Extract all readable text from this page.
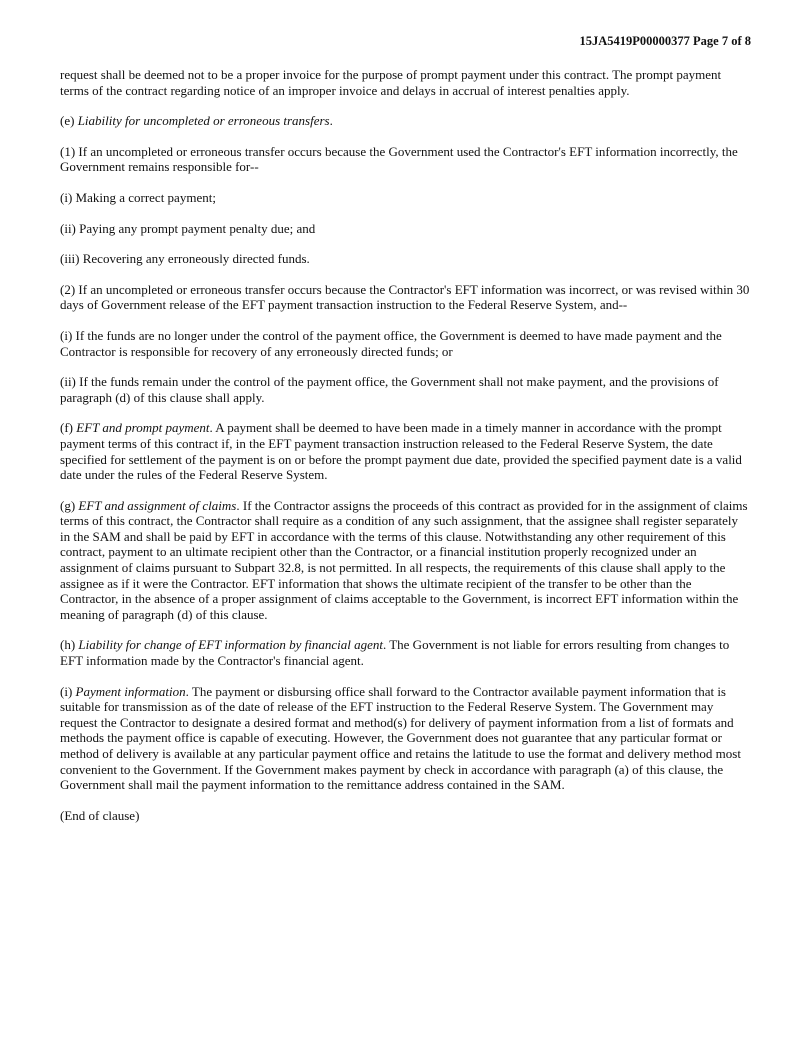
15JA5419P00000377 Page 7 of 8

request shall be deemed not to be a proper invoice for the purpose of prompt payment under this contract. The prompt payment terms of the contract regarding notice of an improper invoice and delays in accrual of interest penalties apply.

(e) Liability for uncompleted or erroneous transfers.

(1) If an uncompleted or erroneous transfer occurs because the Government used the Contractor's EFT information incorrectly, the Government remains responsible for--

(i) Making a correct payment;

(ii) Paying any prompt payment penalty due; and

(iii) Recovering any erroneously directed funds.

(2) If an uncompleted or erroneous transfer occurs because the Contractor's EFT information was incorrect, or was revised within 30 days of Government release of the EFT payment transaction instruction to the Federal Reserve System, and--

(i) If the funds are no longer under the control of the payment office, the Government is deemed to have made payment and the Contractor is responsible for recovery of any erroneously directed funds; or

(ii) If the funds remain under the control of the payment office, the Government shall not make payment, and the provisions of paragraph (d) of this clause shall apply.

(f) EFT and prompt payment. A payment shall be deemed to have been made in a timely manner in accordance with the prompt payment terms of this contract if, in the EFT payment transaction instruction released to the Federal Reserve System, the date specified for settlement of the payment is on or before the prompt payment due date, provided the specified payment date is a valid date under the rules of the Federal Reserve System.

(g) EFT and assignment of claims. If the Contractor assigns the proceeds of this contract as provided for in the assignment of claims terms of this contract, the Contractor shall require as a condition of any such assignment, that the assignee shall register separately in the SAM and shall be paid by EFT in accordance with the terms of this clause. Notwithstanding any other requirement of this contract, payment to an ultimate recipient other than the Contractor, or a financial institution properly recognized under an assignment of claims pursuant to Subpart 32.8, is not permitted. In all respects, the requirements of this clause shall apply to the assignee as if it were the Contractor. EFT information that shows the ultimate recipient of the transfer to be other than the Contractor, in the absence of a proper assignment of claims acceptable to the Government, is incorrect EFT information within the meaning of paragraph (d) of this clause.

(h) Liability for change of EFT information by financial agent. The Government is not liable for errors resulting from changes to EFT information made by the Contractor's financial agent.

(i) Payment information. The payment or disbursing office shall forward to the Contractor available payment information that is suitable for transmission as of the date of release of the EFT instruction to the Federal Reserve System. The Government may request the Contractor to designate a desired format and method(s) for delivery of payment information from a list of formats and methods the payment office is capable of executing. However, the Government does not guarantee that any particular format or method of delivery is available at any particular payment office and retains the latitude to use the format and delivery method most convenient to the Government. If the Government makes payment by check in accordance with paragraph (a) of this clause, the Government shall mail the payment information to the remittance address contained in the SAM.

(End of clause)
